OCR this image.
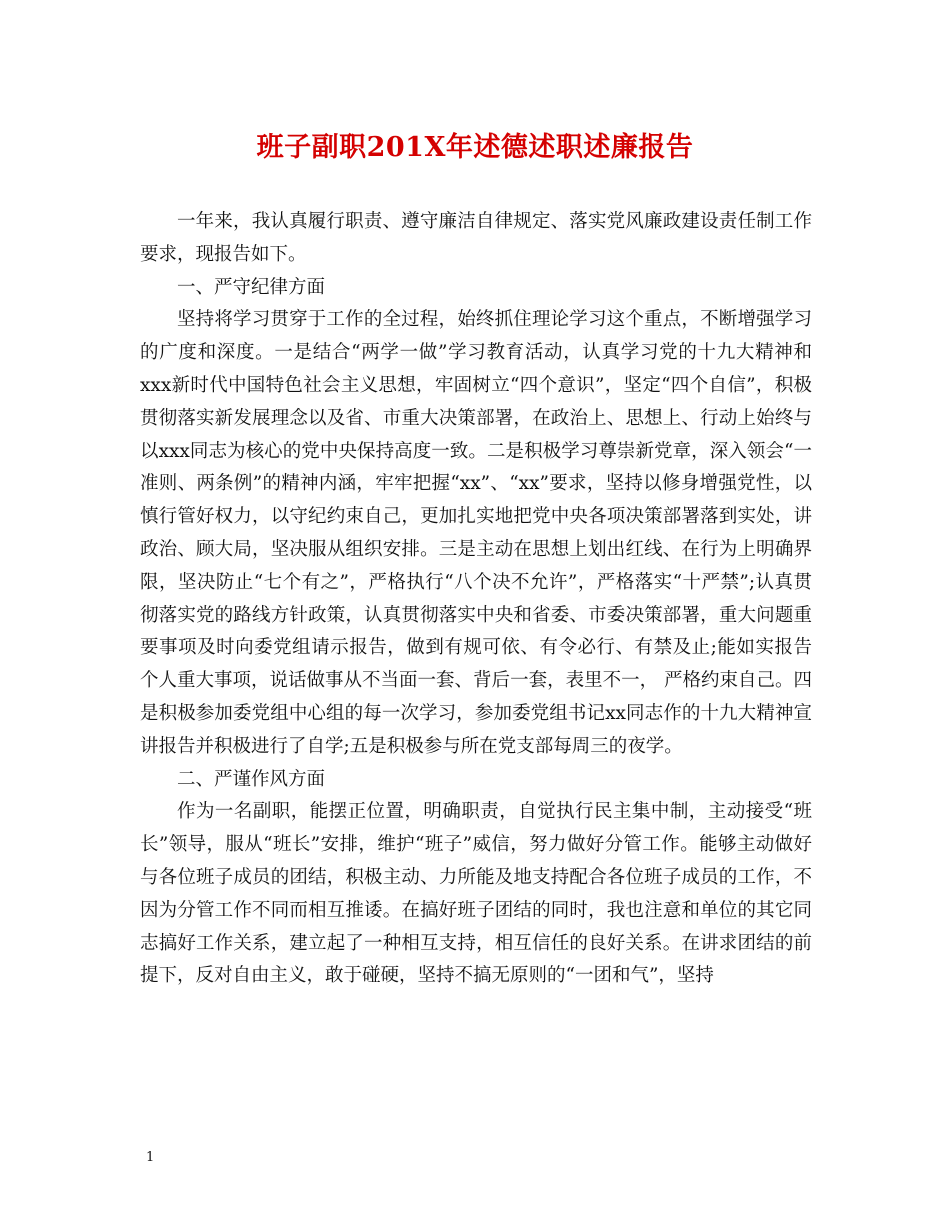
班子副职201X年述德述职述廉报告

一年来，我认真履行职责、遵守廉洁自律规定、落实党风廉政建设责任制工作要求，现报告如下。

一、严守纪律方面

坚持将学习贯穿于工作的全过程，始终抓住理论学习这个重点，不断增强学习的广度和深度。一是结合“两学一做”学习教育活动，认真学习党的十九大精神和xxx新时代中国特色社会主义思想，牢固树立“四个意识”，坚定“四个自信”，积极贯彻落实新发展理念以及省、市重大决策部署，在政治上、思想上、行动上始终与以xxx同志为核心的党中央保持高度一致。二是积极学习尊崇新党章，深入领会“一准则、两条例”的精神内涵，牢牢把握“xx”、“xx”要求，坚持以修身增强党性，以慎行管好权力，以守纪约束自己，更加扎实地把党中央各项决策部署落到实处，讲政治、顾大局，坚决服从组织安排。三是主动在思想上划出红线、在行为上明确界限，坚决防止“七个有之”，严格执行“八个决不允许”，严格落实“十严禁”;认真贯彻落实党的路线方针政策，认真贯彻落实中央和省委、市委决策部署，重大问题重要事项及时向委党组请示报告，做到有规可依、有令必行、有禁及止;能如实报告个人重大事项，说话做事从不当面一套、背后一套，表里不一， 严格约束自己。四是积极参加委党组中心组的每一次学习，参加委党组书记xx同志作的十九大精神宣讲报告并积极进行了自学;五是积极参与所在党支部每周三的夜学。

二、严谨作风方面

作为一名副职，能摆正位置，明确职责，自觉执行民主集中制，主动接受“班长”领导，服从“班长”安排，维护“班子”威信，努力做好分管工作。能够主动做好与各位班子成员的团结，积极主动、力所能及地支持配合各位班子成员的工作，不因为分管工作不同而相互推诿。在搞好班子团结的同时，我也注意和单位的其它同志搞好工作关系，建立起了一种相互支持，相互信任的良好关系。在讲求团结的前提下，反对自由主义，敢于碰硬，坚持不搞无原则的“一团和气”，坚持

1
